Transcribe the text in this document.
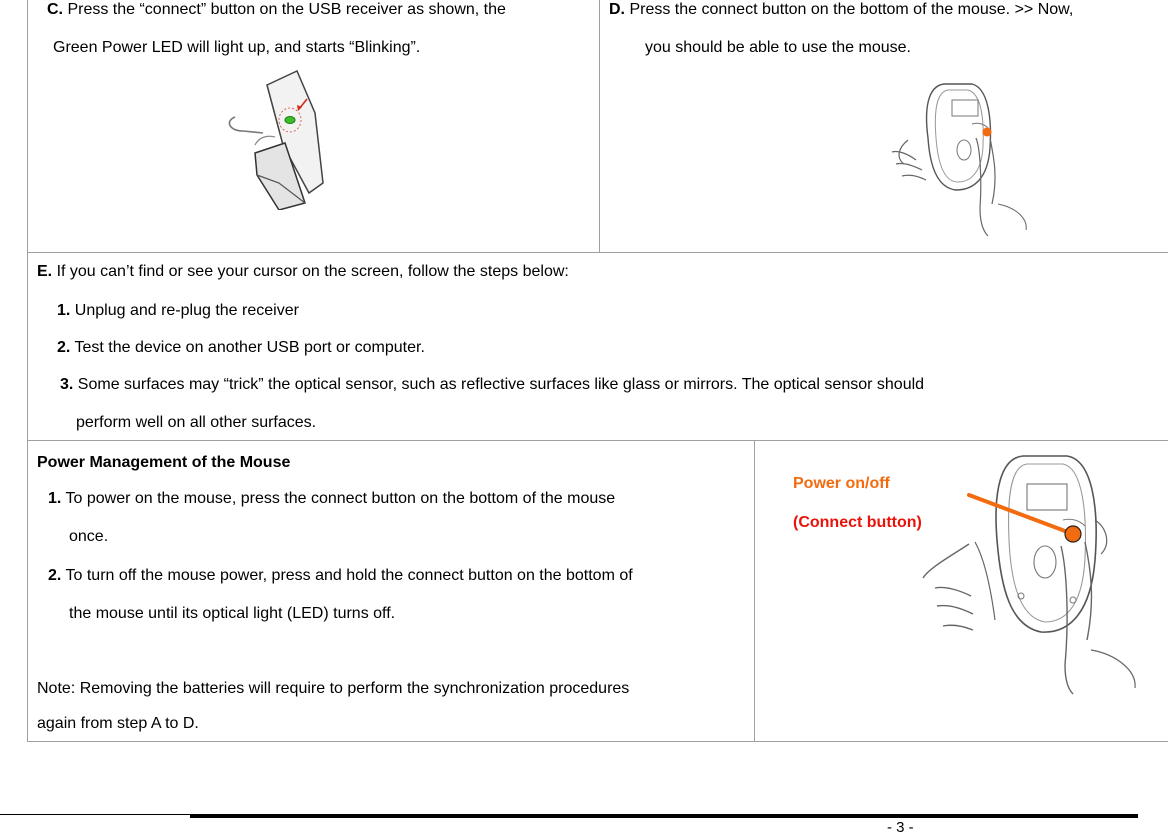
C. Press the “connect” button on the USB receiver as shown, the
Green Power LED will light up, and starts “Blinking”.
D. Press the connect button on the bottom of the mouse. >> Now,
you should be able to use the mouse.
E. If you can’t find or see your cursor on the screen, follow the steps below:
1. Unplug and re-plug the receiver
2. Test the device on another USB port or computer.
3. Some surfaces may “trick” the optical sensor, such as reflective surfaces like glass or mirrors. The optical sensor should
perform well on all other surfaces.
Power Management of the Mouse
1. To power on the mouse, press the connect button on the bottom of the mouse
once.
2. To turn off the mouse power, press and hold the connect button on the bottom of
the mouse until its optical light (LED) turns off.
Note: Removing the batteries will require to perform the synchronization procedures
again from step A to D.
Power on/off
(Connect button)
- 3 -
